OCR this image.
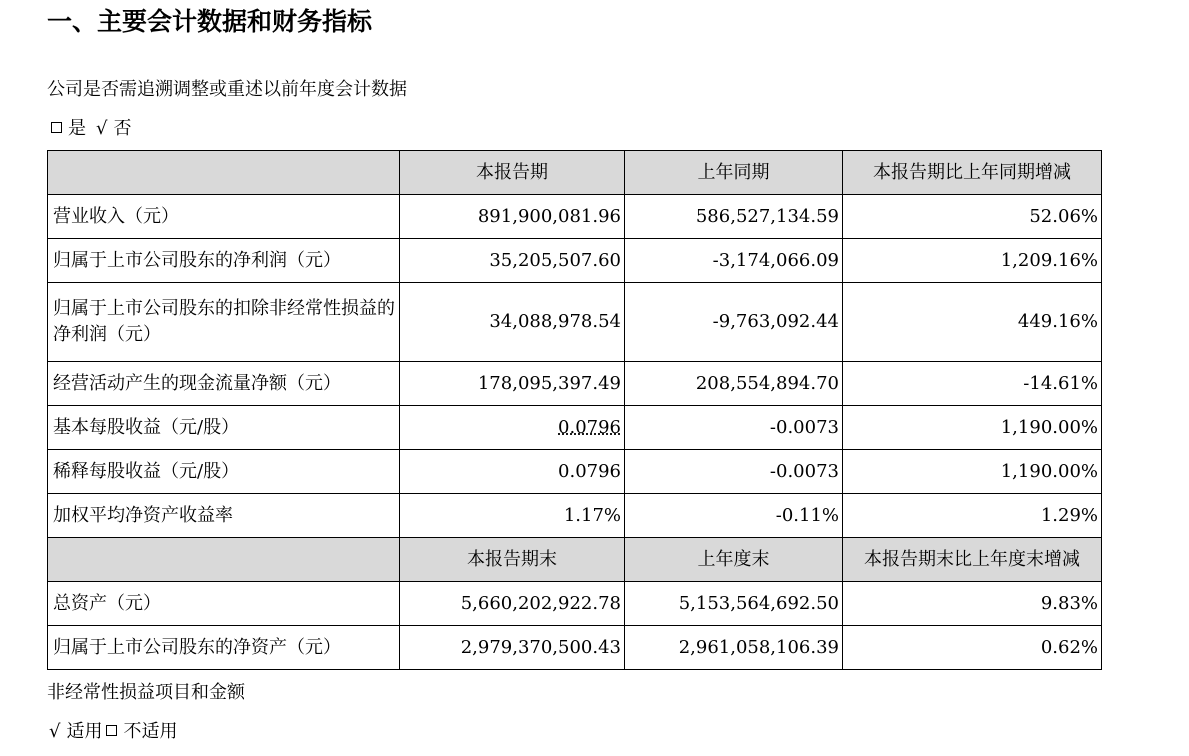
一、主要会计数据和财务指标
公司是否需追溯调整或重述以前年度会计数据
是 √ 否
	本报告期	上年同期	本报告期比上年同期增减
营业收入（元）	891,900,081.96	586,527,134.59	52.06%
归属于上市公司股东的净利润（元）	35,205,507.60	-3,174,066.09	1,209.16%
归属于上市公司股东的扣除非经常性损益的净利润（元）	34,088,978.54	-9,763,092.44	449.16%
经营活动产生的现金流量净额（元）	178,095,397.49	208,554,894.70	-14.61%
基本每股收益（元/股）	0.0796	-0.0073	1,190.00%
稀释每股收益（元/股）	0.0796	-0.0073	1,190.00%
加权平均净资产收益率	1.17%	-0.11%	1.29%
	本报告期末	上年度末	本报告期末比上年度末增减
总资产（元）	5,660,202,922.78	5,153,564,692.50	9.83%
归属于上市公司股东的净资产（元）	2,979,370,500.43	2,961,058,106.39	0.62%
非经常性损益项目和金额
√ 适用 不适用
